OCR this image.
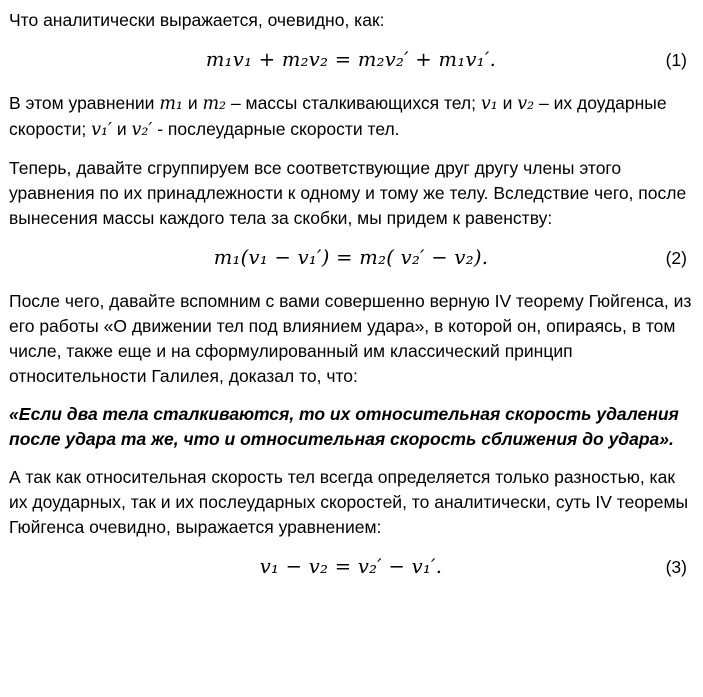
Что аналитически выражается, очевидно, как:

m₁v₁ + m₂v₂ = m₂v₂′ + m₁v₁′.	(1)

В этом уравнении m₁ и m₂ – массы сталкивающихся тел; v₁ и v₂ – их доударные скорости; v₁′ и v₂′ - послеударные скорости тел.

Теперь, давайте сгруппируем все соответствующие друг другу члены этого уравнения по их принадлежности к одному и тому же телу. Вследствие чего, после вынесения массы каждого тела за скобки, мы придем к равенству:

m₁(v₁ − v₁′) = m₂( v₂′ − v₂).	(2)

После чего, давайте вспомним с вами совершенно верную IV теорему Гюйгенса, из его работы «О движении тел под влиянием удара», в которой он, опираясь, в том числе, также еще и на сформулированный им классический принцип относительности Галилея, доказал то, что:

«Если два тела сталкиваются, то их относительная скорость удаления после удара та же, что и относительная скорость сближения до удара».

А так как относительная скорость тел всегда определяется только разностью, как их доударных, так и их послеударных скоростей, то аналитически, суть IV теоремы Гюйгенса очевидно, выражается уравнением:

v₁ − v₂ = v₂′ − v₁′.	(3)
